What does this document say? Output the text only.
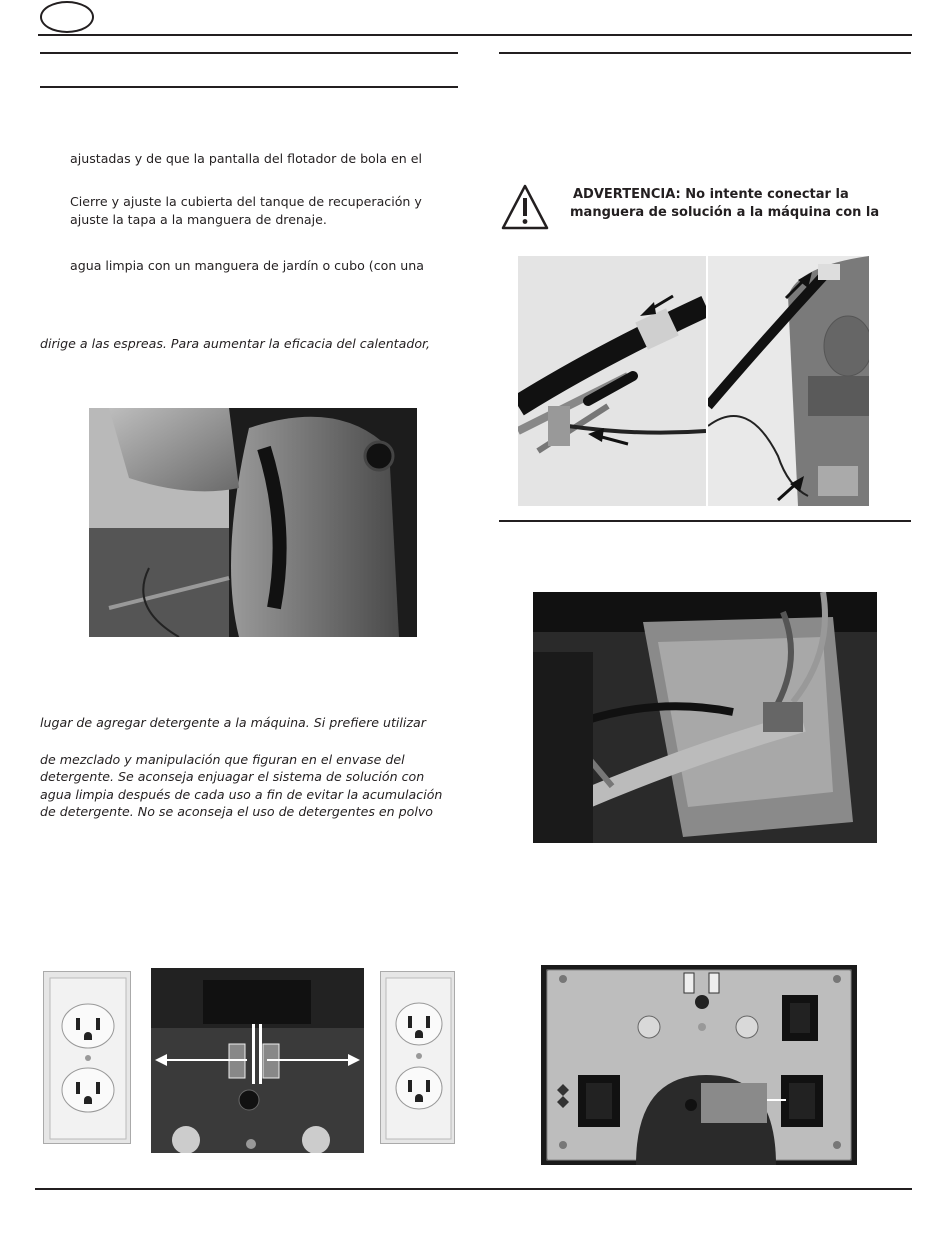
ajustadas y de que la pantalla del flotador de bola en el
Cierre y ajuste la cubierta del tanque de recuperación y
ajuste la tapa a la manguera de drenaje.
agua limpia con un manguera de jardín o cubo (con una
dirige a las espreas. Para aumentar la eficacia del calentador,
lugar de agregar detergente a la máquina. Si prefiere utilizar
de mezclado y manipulación que figuran en el envase del
detergente. Se aconseja enjuagar el sistema de solución con
agua limpia después de cada uso a fin de evitar la acumulación
de detergente. No se aconseja el uso de detergentes en polvo
ADVERTENCIA: No intente conectar la
manguera de solución a la máquina con la
